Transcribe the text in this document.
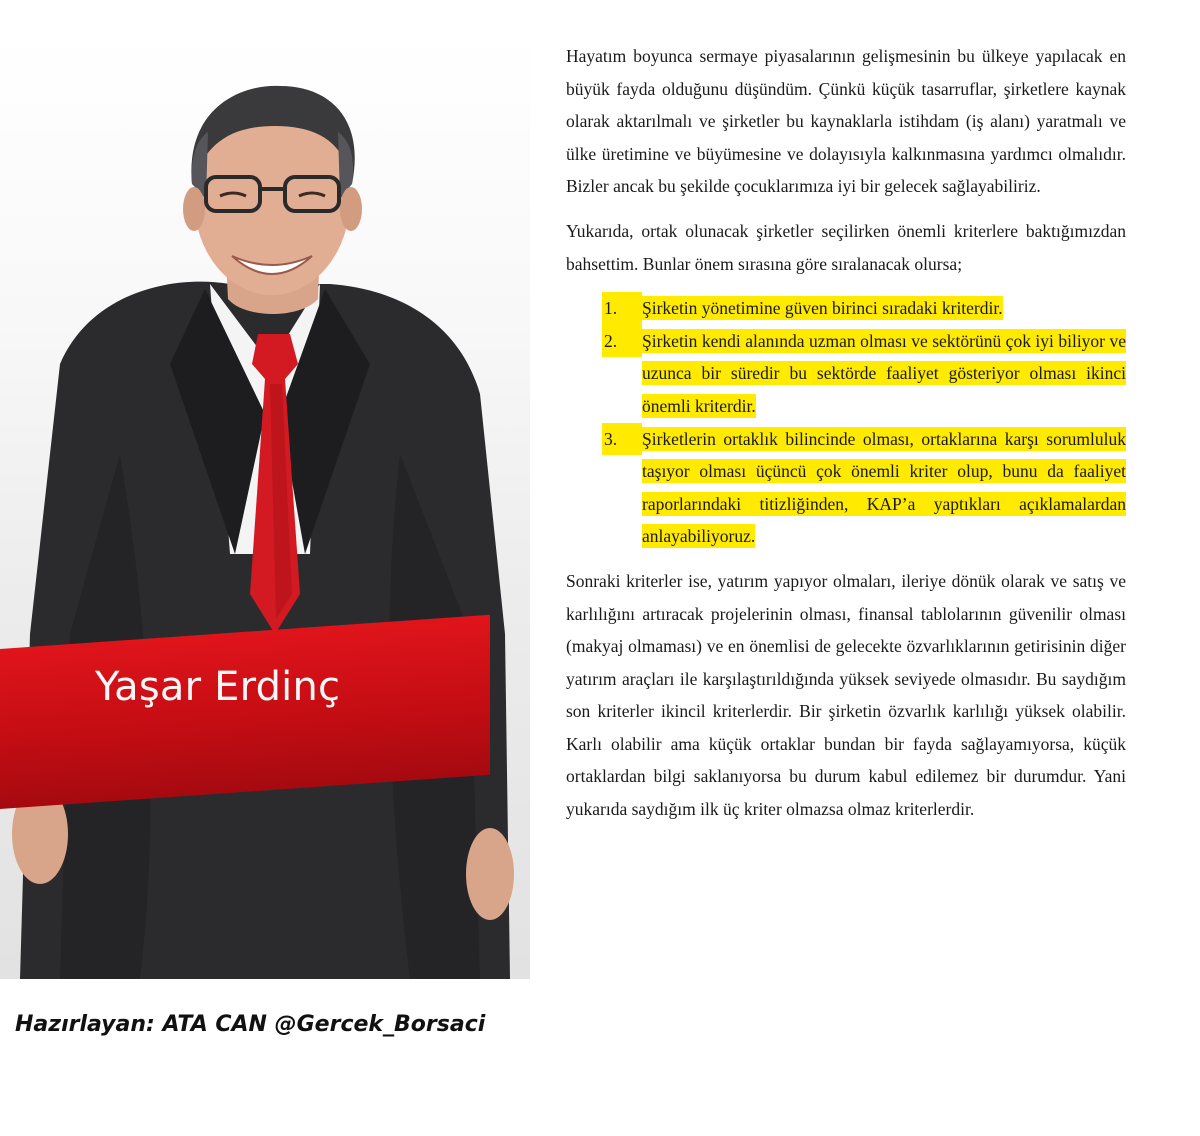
Yaşar Erdinç
Hazırlayan: ATA CAN @Gercek_Borsaci

Hayatım boyunca sermaye piyasalarının gelişmesinin bu ülkeye yapılacak en büyük fayda olduğunu düşündüm. Çünkü küçük tasarruflar, şirketlere kaynak olarak aktarılmalı ve şirketler bu kaynaklarla istihdam (iş alanı) yaratmalı ve ülke üretimine ve büyümesine ve dolayısıyla kalkınmasına yardımcı olmalıdır. Bizler ancak bu şekilde çocuklarımıza iyi bir gelecek sağlayabiliriz.

Yukarıda, ortak olunacak şirketler seçilirken önemli kriterlere baktığımızdan bahsettim. Bunlar önem sırasına göre sıralanacak olursa;

1.	Şirketin yönetimine güven birinci sıradaki kriterdir.
2.	Şirketin kendi alanında uzman olması ve sektörünü çok iyi biliyor ve uzunca bir süredir bu sektörde faaliyet gösteriyor olması ikinci önemli kriterdir.
3.	Şirketlerin ortaklık bilincinde olması, ortaklarına karşı sorumluluk taşıyor olması üçüncü çok önemli kriter olup, bunu da faaliyet raporlarındaki titizliğinden, KAP’a yaptıkları açıklamalardan anlayabiliyoruz.

Sonraki kriterler ise, yatırım yapıyor olmaları, ileriye dönük olarak ve satış ve karlılığını artıracak projelerinin olması, finansal tablolarının güvenilir olması (makyaj olmaması) ve en önemlisi de gelecekte özvarlıklarının getirisinin diğer yatırım araçları ile karşılaştırıldığında yüksek seviyede olmasıdır. Bu saydığım son kriterler ikincil kriterlerdir. Bir şirketin özvarlık karlılığı yüksek olabilir. Karlı olabilir ama küçük ortaklar bundan bir fayda sağlayamıyorsa, küçük ortaklardan bilgi saklanıyorsa bu durum kabul edilemez bir durumdur. Yani yukarıda saydığım ilk üç kriter olmazsa olmaz kriterlerdir.
